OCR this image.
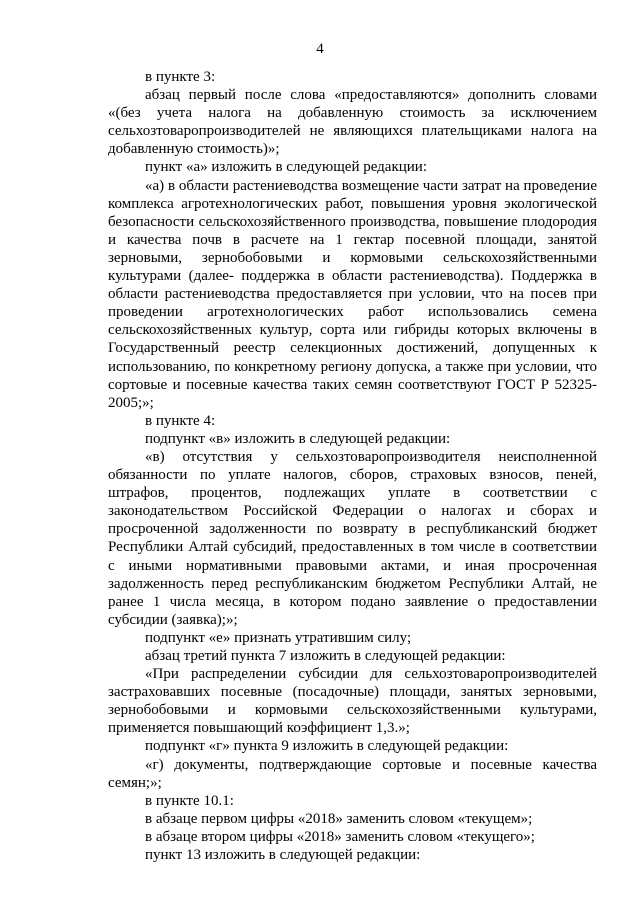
4

в пункте 3:

абзац первый после слова «предоставляются» дополнить словами «(без учета налога на добавленную стоимость за исключением сельхозтоваропроизводителей не являющихся плательщиками налога на добавленную стоимость)»;

пункт «а» изложить в следующей редакции:

«а) в области растениеводства возмещение части затрат на проведение комплекса агротехнологических работ, повышения уровня экологической безопасности сельскохозяйственного производства, повышение плодородия и качества почв в расчете на 1 гектар посевной площади, занятой зерновыми, зернобобовыми и кормовыми сельскохозяйственными культурами (далее- поддержка в области растениеводства). Поддержка в области растениеводства предоставляется при условии, что на посев при проведении агротехнологических работ использовались семена сельскохозяйственных культур, сорта или гибриды которых включены в Государственный реестр селекционных достижений, допущенных к использованию, по конкретному региону допуска, а также при условии, что сортовые и посевные качества таких семян соответствуют ГОСТ Р 52325-2005;»;

в пункте 4:

подпункт «в» изложить в следующей редакции:

«в) отсутствия у сельхозтоваропроизводителя неисполненной обязанности по уплате налогов, сборов, страховых взносов, пеней, штрафов, процентов, подлежащих уплате в соответствии с законодательством Российской Федерации о налогах и сборах и просроченной задолженности по возврату в республиканский бюджет Республики Алтай субсидий, предоставленных в том числе в соответствии с иными нормативными правовыми актами, и иная просроченная задолженность перед республиканским бюджетом Республики Алтай, не ранее 1 числа месяца, в котором подано заявление о предоставлении субсидии (заявка);»;

подпункт «е» признать утратившим силу;

абзац третий пункта 7 изложить в следующей редакции:

«При распределении субсидии для сельхозтоваропроизводителей застраховавших посевные (посадочные) площади, занятых зерновыми, зернобобовыми и кормовыми сельскохозяйственными культурами, применяется повышающий коэффициент 1,3.»;

подпункт «г» пункта 9 изложить в следующей редакции:

«г) документы, подтверждающие сортовые и посевные качества семян;»;

в пункте 10.1:

в абзаце первом цифры «2018» заменить словом «текущем»;

в абзаце втором цифры «2018» заменить словом «текущего»;

пункт 13 изложить в следующей редакции:
